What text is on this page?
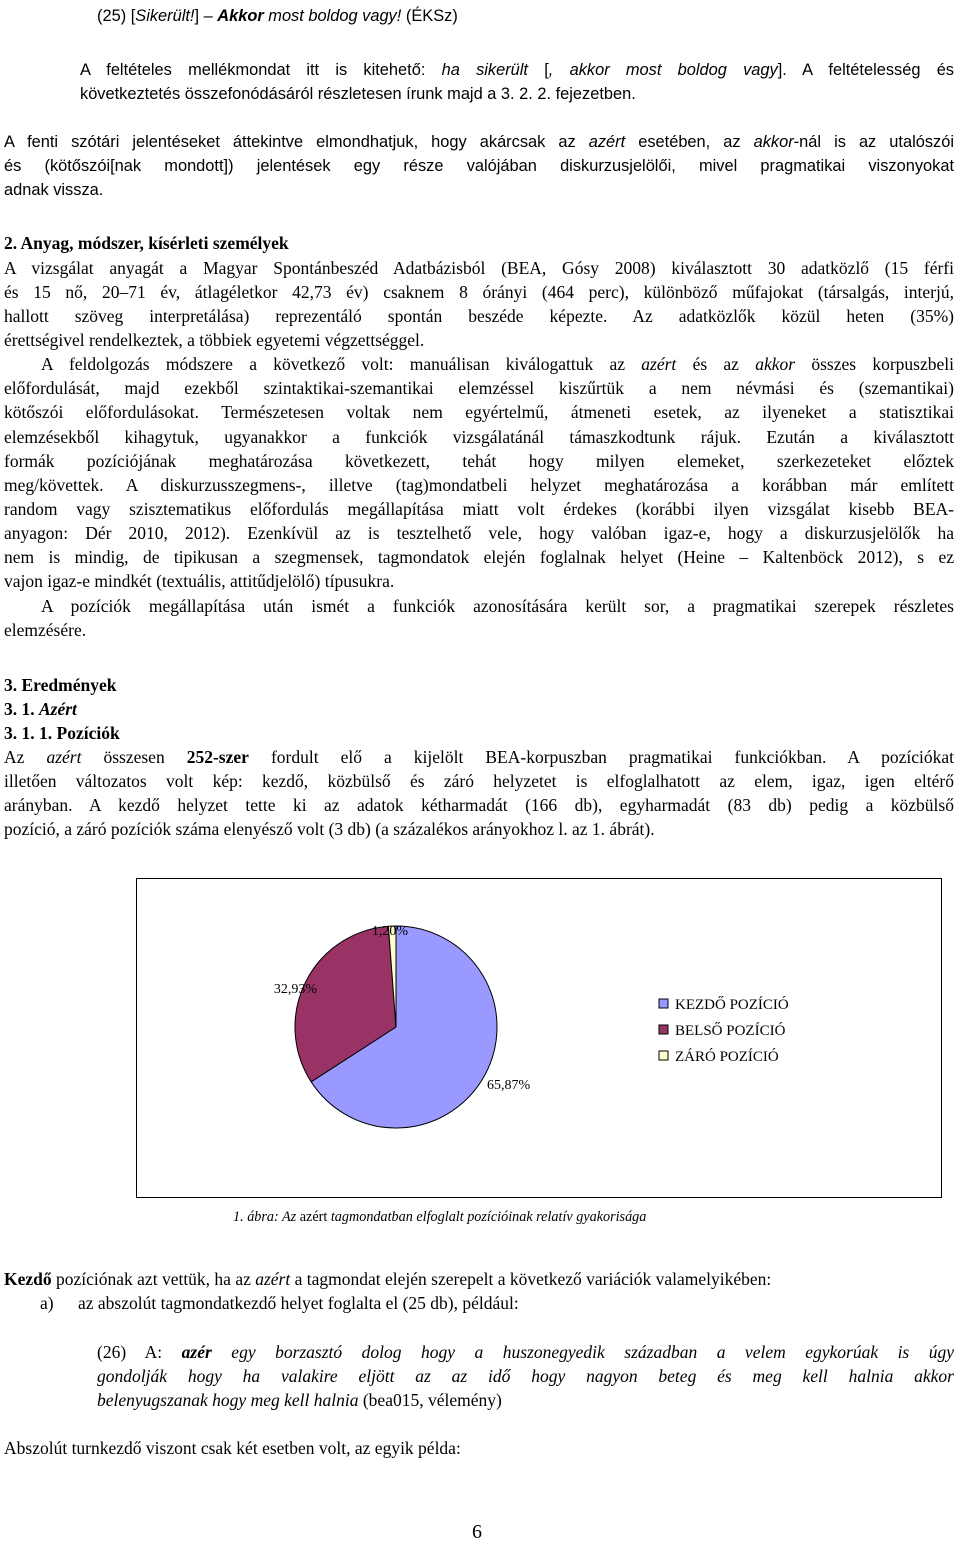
(25) [Sikerült!] – Akkor most boldog vagy! (ÉKSz)
A feltételes mellékmondat itt is kitehető: ha sikerült [, akkor most boldog vagy]. A feltételesség és
következtetés összefonódásáról részletesen írunk majd a 3. 2. 2. fejezetben.
A fenti szótári jelentéseket áttekintve elmondhatjuk, hogy akárcsak az azért esetében, az akkor-nál is az utalószói
és (kötőszói[nak mondott]) jelentések egy része valójában diskurzusjelölői, mivel pragmatikai viszonyokat
adnak vissza.
2. Anyag, módszer, kísérleti személyek
A vizsgálat anyagát a Magyar Spontánbeszéd Adatbázisból (BEA, Gósy 2008) kiválasztott 30 adatközlő (15 férfi
és 15 nő, 20–71 év, átlagéletkor 42,73 év) csaknem 8 órányi (464 perc), különböző műfajokat (társalgás, interjú,
hallott szöveg interpretálása) reprezentáló spontán beszéde képezte. Az adatközlők közül heten (35%)
érettségivel rendelkeztek, a többiek egyetemi végzettséggel.
A feldolgozás módszere a következő volt: manuálisan kiválogattuk az azért és az akkor összes korpuszbeli
előfordulását, majd ezekből szintaktikai-szemantikai elemzéssel kiszűrtük a nem névmási és (szemantikai)
kötőszói előfordulásokat. Természetesen voltak nem egyértelmű, átmeneti esetek, az ilyeneket a statisztikai
elemzésekből kihagytuk, ugyanakkor a funkciók vizsgálatánál támaszkodtunk rájuk. Ezután a kiválasztott
formák pozíciójának meghatározása következett, tehát hogy milyen elemeket, szerkezeteket előztek
meg/követtek. A diskurzusszegmens-, illetve (tag)mondatbeli helyzet meghatározása a korábban már említett
random vagy szisztematikus előfordulás megállapítása miatt volt érdekes (korábbi ilyen vizsgálat kisebb BEA-
anyagon: Dér 2010, 2012). Ezenkívül az is tesztelhető vele, hogy valóban igaz-e, hogy a diskurzusjelölők ha
nem is mindig, de tipikusan a szegmensek, tagmondatok elején foglalnak helyet (Heine – Kaltenböck 2012), s ez
vajon igaz-e mindkét (textuális, attitűdjelölő) típusukra.
A pozíciók megállapítása után ismét a funkciók azonosítására került sor, a pragmatikai szerepek részletes
elemzésére.
3. Eredmények
3. 1. Azért
3. 1. 1. Pozíciók
Az azért összesen 252-szer fordult elő a kijelölt BEA-korpuszban pragmatikai funkciókban. A pozíciókat
illetően változatos volt kép: kezdő, közbülső és záró helyzetet is elfoglalhatott az elem, igaz, igen eltérő
arányban. A kezdő helyzet tette ki az adatok kétharmadát (166 db), egyharmadát (83 db) pedig a közbülső
pozíció, a záró pozíciók száma elenyésző volt (3 db) (a százalékos arányokhoz l. az 1. ábrát).
65,87%
32,93%
1,20%
KEZDŐ POZÍCIÓ
BELSŐ POZÍCIÓ
ZÁRÓ POZÍCIÓ
1. ábra: Az azért tagmondatban elfoglalt pozícióinak relatív gyakorisága
Kezdő pozíciónak azt vettük, ha az azért a tagmondat elején szerepelt a következő variációk valamelyikében:
a) az abszolút tagmondatkezdő helyet foglalta el (25 db), például:
(26) A: azér egy borzasztó dolog hogy a huszonegyedik században a velem egykorúak is úgy
gondolják hogy ha valakire eljött az az idő hogy nagyon beteg és meg kell halnia akkor
belenyugszanak hogy meg kell halnia (bea015, vélemény)
Abszolút turnkezdő viszont csak két esetben volt, az egyik példa:
6
